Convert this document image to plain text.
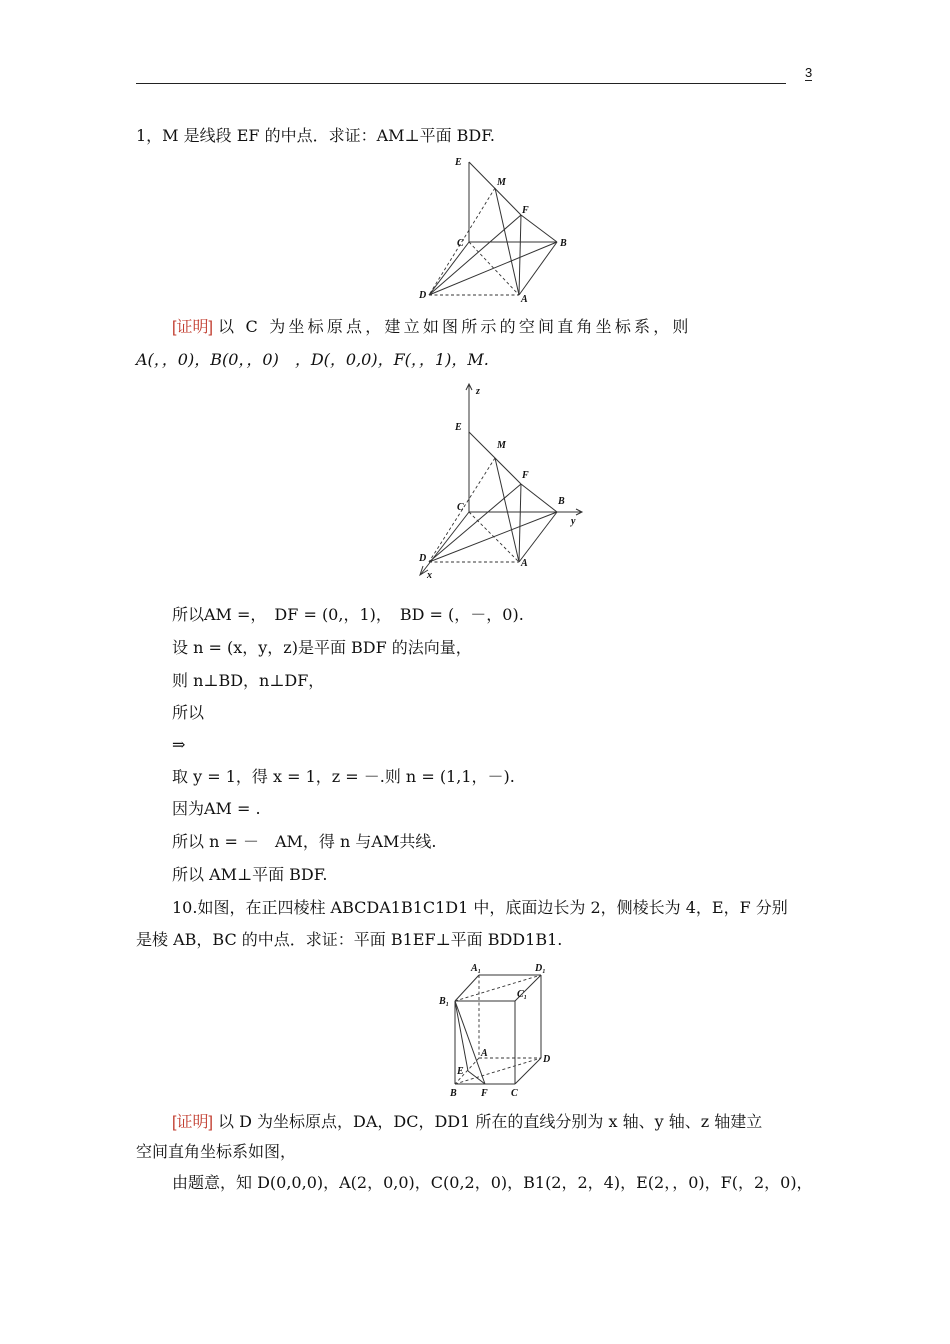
3
1，M 是线段 EF 的中点．求证：AM⊥平面 BDF.
E
M
F
C	B
D	A
[证明] 以 C 为坐标原点，建立如图所示的空间直角坐标系，则
A(，，0)，B(0，，0)　，D(，0,0)，F(，，1)，M.
z
E
M
F
C
B
y
D	A
x
所以AM =，　DF = (0,，1)，　BD = (，－，0).
设 n = (x，y，z)是平面 BDF 的法向量，
则 n⊥BD，n⊥DF，
所以
⇒
取 y = 1，得 x = 1，z = －.则 n = (1,1，－).
因为AM = .
所以 n = －　AM，得 n 与AM共线.
所以 AM⊥平面 BDF.
10.如图，在正四棱柱 ABCDA1B1C1D1 中，底面边长为 2，侧棱长为 4，E，F 分别
是棱 AB，BC 的中点．求证：平面 B1EF⊥平面 BDD1B1.
A₁	D₁
C₁
B₁
A
D
E
B F C
[证明] 以 D 为坐标原点，DA，DC，DD1 所在的直线分别为 x 轴、y 轴、z 轴建立
空间直角坐标系如图，
由题意，知 D(0,0,0)，A(2，0,0)，C(0,2，0)，B1(2，2，4)，E(2，，0)，F(，2，0)，
